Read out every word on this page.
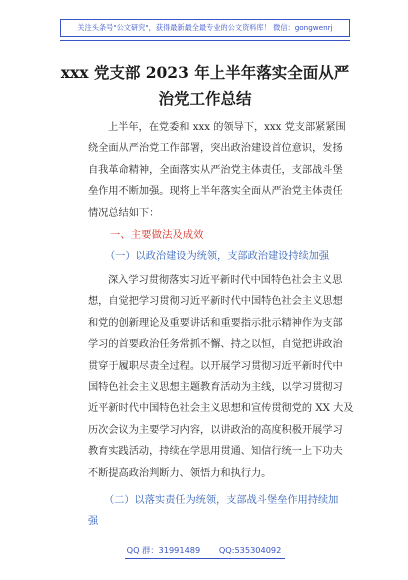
关注头条号"公文研究"，获得最新最全最专业的公文资料库！ 微信：gongwenrj
xxx 党支部 2023 年上半年落实全面从严
治党工作总结
上半年，在党委和 xxx 的领导下，xxx 党支部紧紧围
绕全面从严治党工作部署，突出政治建设首位意识，发扬
自我革命精神，全面落实从严治党主体责任，支部战斗堡
垒作用不断加强。现将上半年落实全面从严治党主体责任
情况总结如下：
一、主要做法及成效
（一）以政治建设为统领，支部政治建设持续加强
深入学习贯彻落实习近平新时代中国特色社会主义思
想，自觉把学习贯彻习近平新时代中国特色社会主义思想
和党的创新理论及重要讲话和重要指示批示精神作为支部
学习的首要政治任务常抓不懈、持之以恒，自觉把讲政治
贯穿于履职尽责全过程。以开展学习贯彻习近平新时代中
国特色社会主义思想主题教育活动为主线，以学习贯彻习
近平新时代中国特色社会主义思想和宣传贯彻党的 XX 大及
历次会议为主要学习内容，以讲政治的高度积极开展学习
教育实践活动，持续在学思用贯通、知信行统一上下功夫
不断提高政治判断力、领悟力和执行力。
（二）以落实责任为统领，支部战斗堡垒作用持续加
强
QQ 群：31991489 QQ:535304092
